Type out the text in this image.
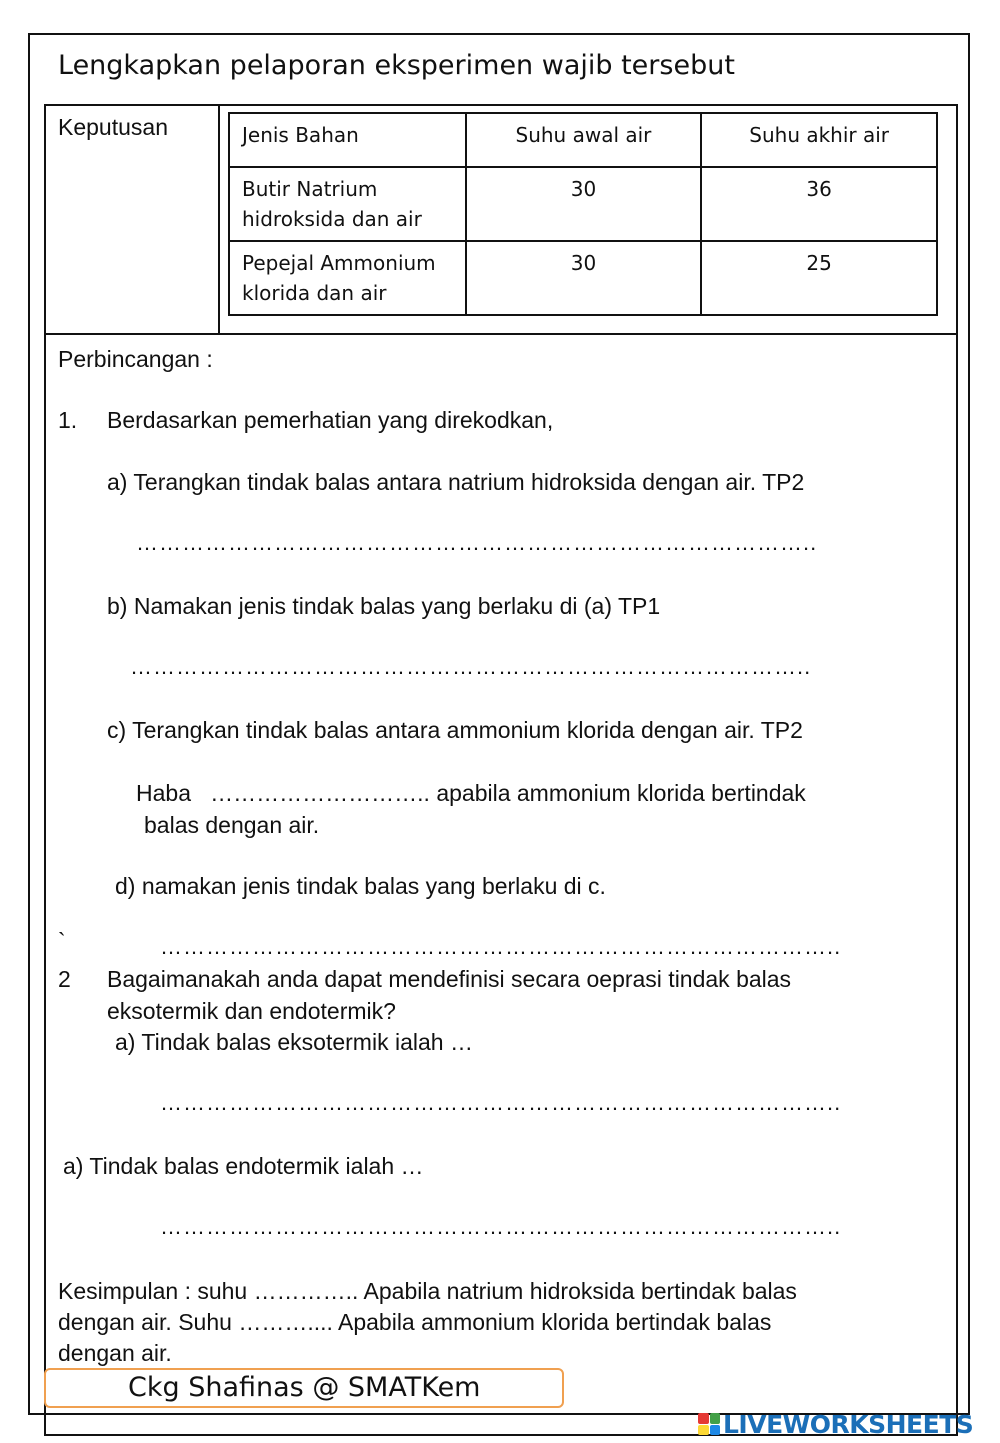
Lengkapkan pelaporan eksperimen wajib tersebut
Keputusan	Jenis Bahan	Suhu awal air	Suhu akhir air

Butir Natrium
hidroksida dan air	30	36

Pepejal Ammonium
klorida dan air	30	25
Perbincangan :
1. Berdasarkan pemerhatian yang direkodkan,
a) Terangkan tindak balas antara natrium hidroksida dengan air. TP2
……………………………………………………………………………..
b) Namakan jenis tindak balas yang berlaku di (a) TP1
……………………………………………………………………………..
c) Terangkan tindak balas antara ammonium klorida dengan air. TP2
Haba ……………………….. apabila ammonium klorida bertindak
balas dengan air.
d) namakan jenis tindak balas yang berlaku di c.
`	……………………………………………………………………………..
2 Bagaimanakah anda dapat mendefinisi secara oeprasi tindak balas
eksotermik dan endotermik?
a) Tindak balas eksotermik ialah …
……………………………………………………………………………..
a) Tindak balas endotermik ialah …
……………………………………………………………………………..
Kesimpulan : suhu ………….. Apabila natrium hidroksida bertindak balas
dengan air. Suhu ……….... Apabila ammonium klorida bertindak balas
dengan air.
Ckg Shafinas @ SMATKem
LIVEWORKSHEETS
